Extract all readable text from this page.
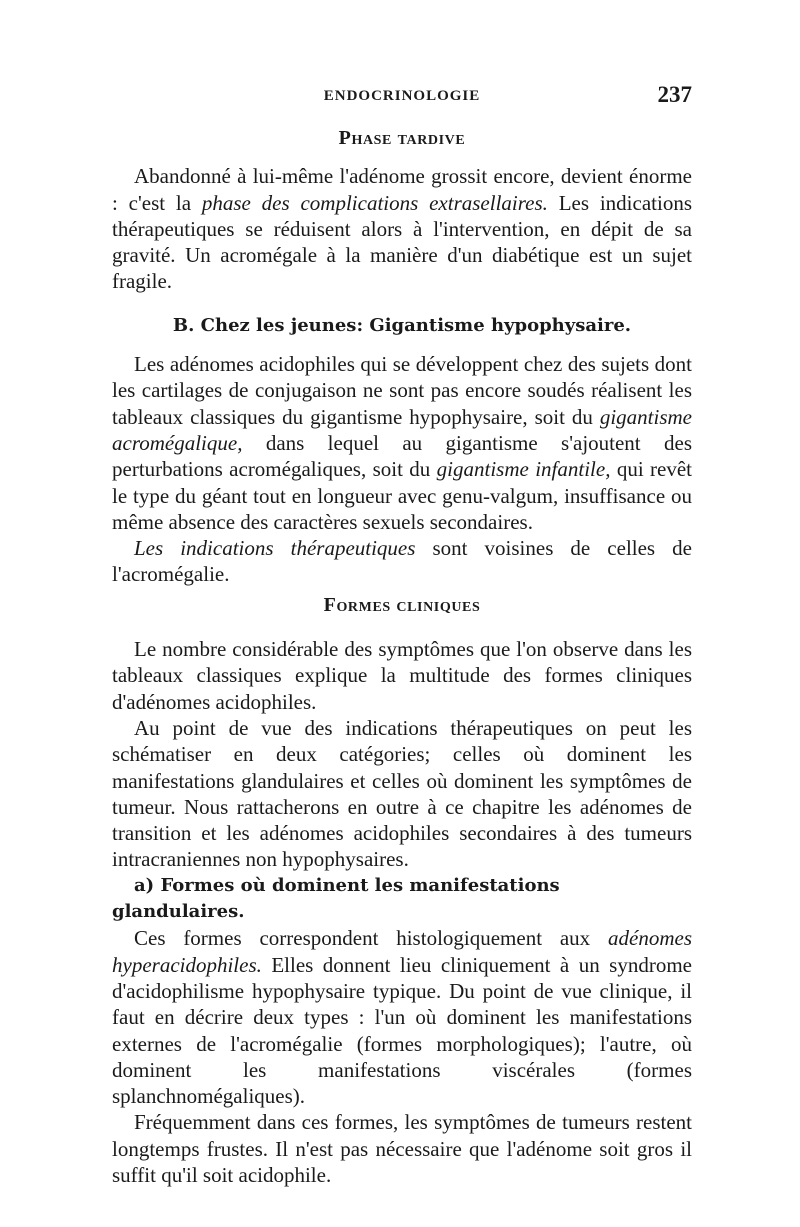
ENDOCRINOLOGIE	237
Phase tardive

Abandonné à lui-même l'adénome grossit encore, devient énorme : c'est la phase des complications extrasellaires. Les indications thérapeutiques se réduisent alors à l'intervention, en dépit de sa gravité. Un acromégale à la manière d'un diabétique est un sujet fragile.

B. Chez les jeunes: Gigantisme hypophysaire.

Les adénomes acidophiles qui se développent chez des sujets dont les cartilages de conjugaison ne sont pas encore soudés réalisent les tableaux classiques du gigantisme hypophysaire, soit du gigantisme acromégalique, dans lequel au gigantisme s'ajoutent des perturbations acromégaliques, soit du gigantisme infantile, qui revêt le type du géant tout en longueur avec genu-valgum, insuffisance ou même absence des caractères sexuels secondaires.

Les indications thérapeutiques sont voisines de celles de l'acromégalie.

Formes cliniques

Le nombre considérable des symptômes que l'on observe dans les tableaux classiques explique la multitude des formes cliniques d'adénomes acidophiles.

Au point de vue des indications thérapeutiques on peut les schématiser en deux catégories; celles où dominent les manifestations glandulaires et celles où dominent les symptômes de tumeur. Nous rattacherons en outre à ce chapitre les adénomes de transition et les adénomes acidophiles secondaires à des tumeurs intracraniennes non hypophysaires.

a) Formes où dominent les manifestations glandulaires.

Ces formes correspondent histologiquement aux adénomes hyperacidophiles. Elles donnent lieu cliniquement à un syndrome d'acidophilisme hypophysaire typique. Du point de vue clinique, il faut en décrire deux types : l'un où dominent les manifestations externes de l'acromégalie (formes morphologiques); l'autre, où dominent les manifestations viscérales (formes splanchnomégaliques).

Fréquemment dans ces formes, les symptômes de tumeurs restent longtemps frustes. Il n'est pas nécessaire que l'adénome soit gros il suffit qu'il soit acidophile.
